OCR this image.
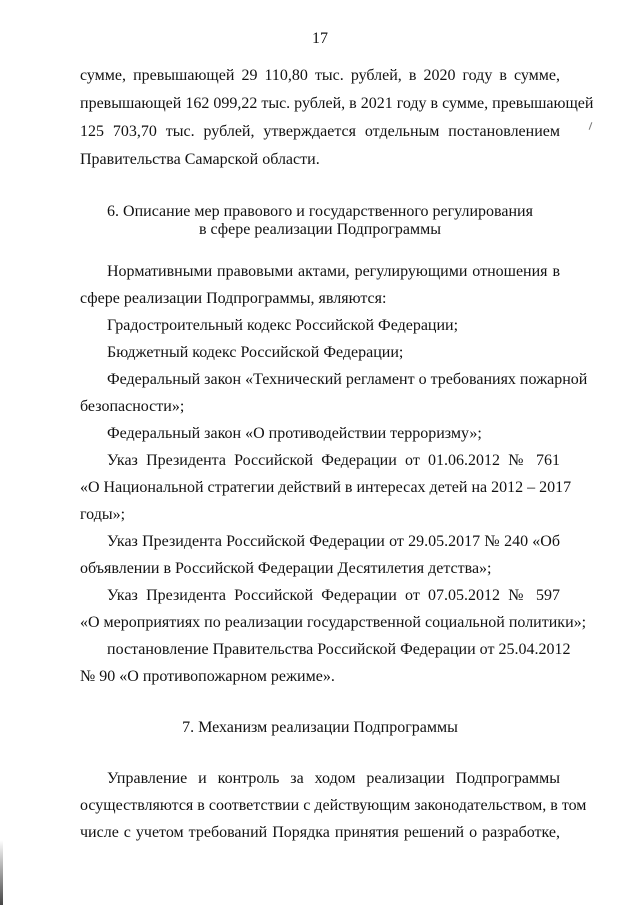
17
сумме, превышающей 29 110,80 тыс. рублей, в 2020 году в сумме,
превышающей 162 099,22 тыс. рублей, в 2021 году в сумме, превышающей
125 703,70 тыс. рублей, утверждается отдельным постановлением
Правительства Самарской области.
6. Описание мер правового и государственного регулирования
в сфере реализации Подпрограммы
Нормативными правовыми актами, регулирующими отношения в
сфере реализации Подпрограммы, являются:
Градостроительный кодекс Российской Федерации;
Бюджетный кодекс Российской Федерации;
Федеральный закон «Технический регламент о требованиях пожарной
безопасности»;
Федеральный закон «О противодействии терроризму»;
Указ Президента Российской Федерации от 01.06.2012 № 761
«О Национальной стратегии действий в интересах детей на 2012 – 2017
годы»;
Указ Президента Российской Федерации от 29.05.2017 № 240 «Об
объявлении в Российской Федерации Десятилетия детства»;
Указ Президента Российской Федерации от 07.05.2012 № 597
«О мероприятиях по реализации государственной социальной политики»;
постановление Правительства Российской Федерации от 25.04.2012
№ 90 «О противопожарном режиме».
7. Механизм реализации Подпрограммы
Управление и контроль за ходом реализации Подпрограммы
осуществляются в соответствии с действующим законодательством, в том
числе с учетом требований Порядка принятия решений о разработке,
